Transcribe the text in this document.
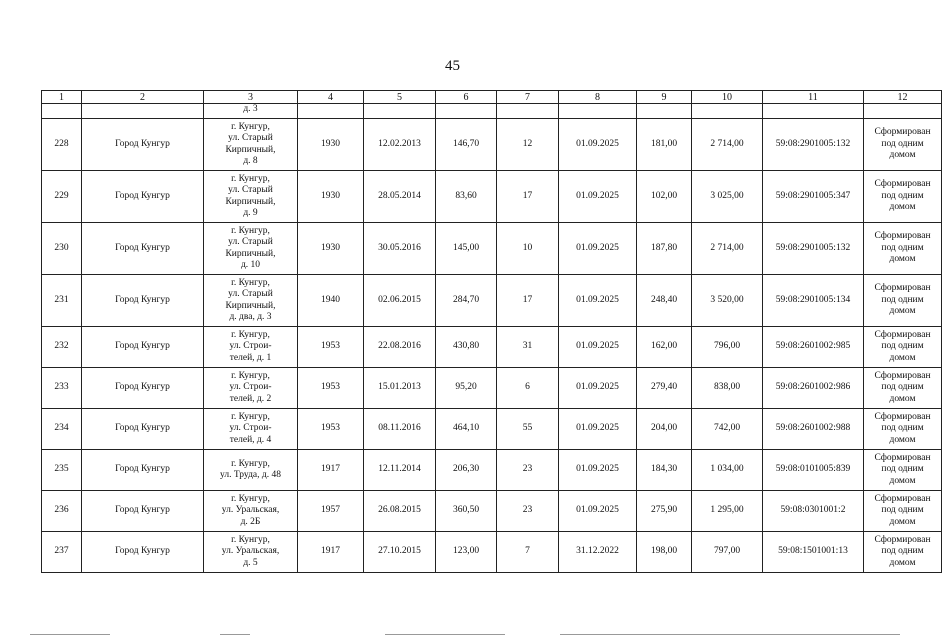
45
1	2	3	4	5	6	7	8	9	10	11	12
		д. 3									
228	Город Кунгур	г. Кунгур,
ул. Старый
Кирпичный,
д. 8	1930	12.02.2013	146,70	12	01.09.2025	181,00	2 714,00	59:08:2901005:132	Сформирован
под одним
домом
229	Город Кунгур	г. Кунгур,
ул. Старый
Кирпичный,
д. 9	1930	28.05.2014	83,60	17	01.09.2025	102,00	3 025,00	59:08:2901005:347	Сформирован
под одним
домом
230	Город Кунгур	г. Кунгур,
ул. Старый
Кирпичный,
д. 10	1930	30.05.2016	145,00	10	01.09.2025	187,80	2 714,00	59:08:2901005:132	Сформирован
под одним
домом
231	Город Кунгур	г. Кунгур,
ул. Старый
Кирпичный,
д. два, д. 3	1940	02.06.2015	284,70	17	01.09.2025	248,40	3 520,00	59:08:2901005:134	Сформирован
под одним
домом
232	Город Кунгур	г. Кунгур,
ул. Строи-
телей, д. 1	1953	22.08.2016	430,80	31	01.09.2025	162,00	796,00	59:08:2601002:985	Сформирован
под одним
домом
233	Город Кунгур	г. Кунгур,
ул. Строи-
телей, д. 2	1953	15.01.2013	95,20	6	01.09.2025	279,40	838,00	59:08:2601002:986	Сформирован
под одним
домом
234	Город Кунгур	г. Кунгур,
ул. Строи-
телей, д. 4	1953	08.11.2016	464,10	55	01.09.2025	204,00	742,00	59:08:2601002:988	Сформирован
под одним
домом
235	Город Кунгур	г. Кунгур,
ул. Труда, д. 48	1917	12.11.2014	206,30	23	01.09.2025	184,30	1 034,00	59:08:0101005:839	Сформирован
под одним
домом
236	Город Кунгур	г. Кунгур,
ул. Уральская,
д. 2Б	1957	26.08.2015	360,50	23	01.09.2025	275,90	1 295,00	59:08:0301001:2	Сформирован
под одним
домом
237	Город Кунгур	г. Кунгур,
ул. Уральская,
д. 5	1917	27.10.2015	123,00	7	31.12.2022	198,00	797,00	59:08:1501001:13	Сформирован
под одним
домом
